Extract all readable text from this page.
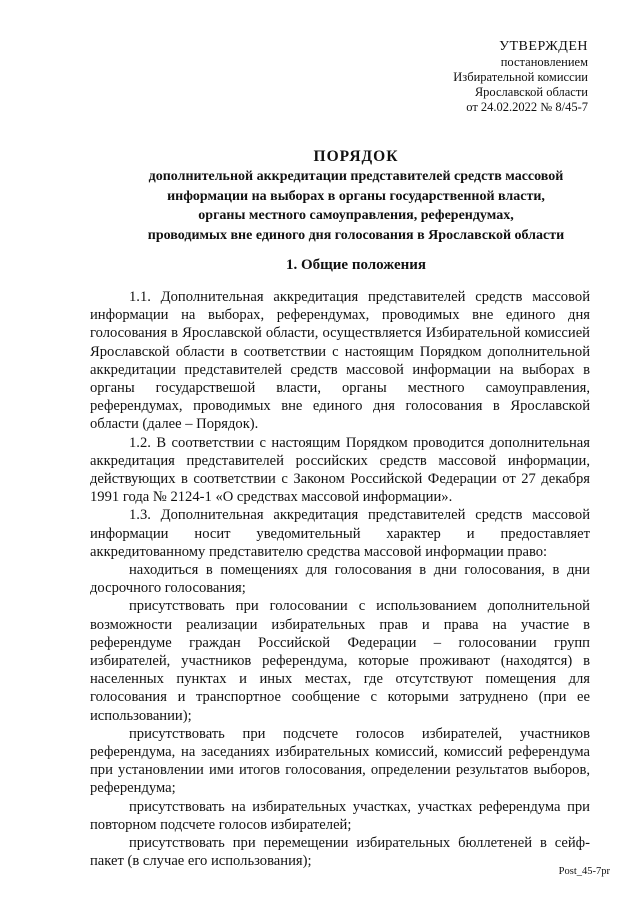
УТВЕРЖДЕН
постановлением
Избирательной комиссии
Ярославской области
от 24.02.2022 № 8/45-7
ПОРЯДОК
дополнительной аккредитации представителей средств массовой
информации на выборах в органы государственной власти,
органы местного самоуправления, референдумах,
проводимых вне единого дня голосования в Ярославской области
1. Общие положения

1.1. Дополнительная аккредитация представителей средств массовой информации на выборах, референдумах, проводимых вне единого дня голосования в Ярославской области, осуществляется Избирательной комиссией Ярославской области в соответствии с настоящим Порядком дополнительной аккредитации представителей средств массовой информации на выборах в органы государствешой власти, органы местного самоуправления, референдумах, проводимых вне единого дня голосования в Ярославской области (далее – Порядок).

1.2. В соответствии с настоящим Порядком проводится дополнительная аккредитация представителей российских средств массовой информации, действующих в соответствии с Законом Российской Федерации от 27 декабря 1991 года № 2124-1 «О средствах массовой информации».

1.3. Дополнительная аккредитация представителей средств массовой информации носит уведомительный характер и предоставляет аккредитованному представителю средства массовой информации право:

находиться в помещениях для голосования в дни голосования, в дни досрочного голосования;

присутствовать при голосовании с использованием дополнительной возможности реализации избирательных прав и права на участие в референдуме граждан Российской Федерации – голосовании групп избирателей, участников референдума, которые проживают (находятся) в населенных пунктах и иных местах, где отсутствуют помещения для голосования и транспортное сообщение с которыми затруднено (при ее использовании);

присутствовать при подсчете голосов избирателей, участников референдума, на заседаниях избирательных комиссий, комиссий референдума при установлении ими итогов голосования, определении результатов выборов, референдума;

присутствовать на избирательных участках, участках референдума при повторном подсчете голосов избирателей;

присутствовать при перемещении избирательных бюллетеней в сейф-пакет (в случае его использования);

Post_45-7pr
